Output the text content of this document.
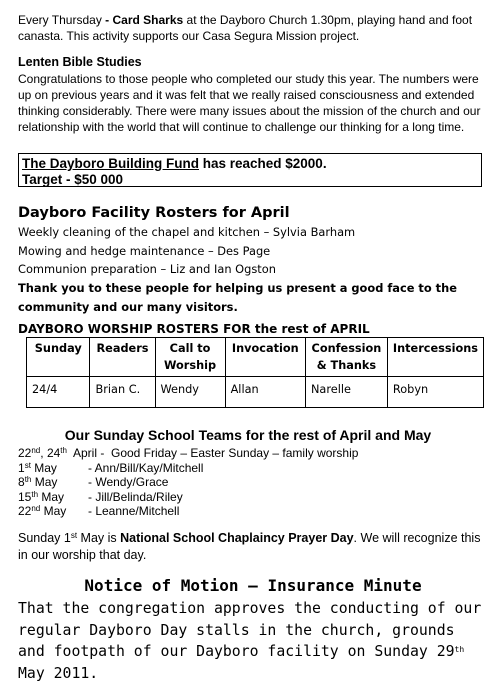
Every Thursday - Card Sharks at the Dayboro Church 1.30pm, playing hand and foot canasta. This activity supports our Casa Segura Mission project.

Lenten Bible Studies

Congratulations to those people who completed our study this year. The numbers were up on previous years and it was felt that we really raised consciousness and extended thinking considerably. There were many issues about the mission of the church and our relationship with the world that will continue to challenge our thinking for a long time.

The Dayboro Building Fund has reached $2000.

Target - $50 000

Dayboro Facility Rosters for April

Weekly cleaning of the chapel and kitchen – Sylvia Barham

Mowing and hedge maintenance – Des Page

Communion preparation – Liz and Ian Ogston

Thank you to these people for helping us present a good face to the community and our many visitors.

DAYBORO WORSHIP ROSTERS FOR the rest of APRIL

Sunday	Readers	Call to Worship	Invocation	Confession & Thanks	Intercessions
24/4	Brian C.	Wendy	Allan	Narelle	Robyn

Our Sunday School Teams for the rest of April and May

22nd, 24th  April -  Good Friday – Easter Sunday – family worship

1st May	- Ann/Bill/Kay/Mitchell
8th May	- Wendy/Grace
15th May	- Jill/Belinda/Riley
22nd May	- Leanne/Mitchell

Sunday 1st May is National School Chaplaincy Prayer Day. We will recognize this in our worship that day.

Notice of Motion – Insurance Minute

That the congregation approves the conducting of our regular Dayboro Day stalls in the church, grounds and footpath of our Dayboro facility on Sunday 29th May 2011.
